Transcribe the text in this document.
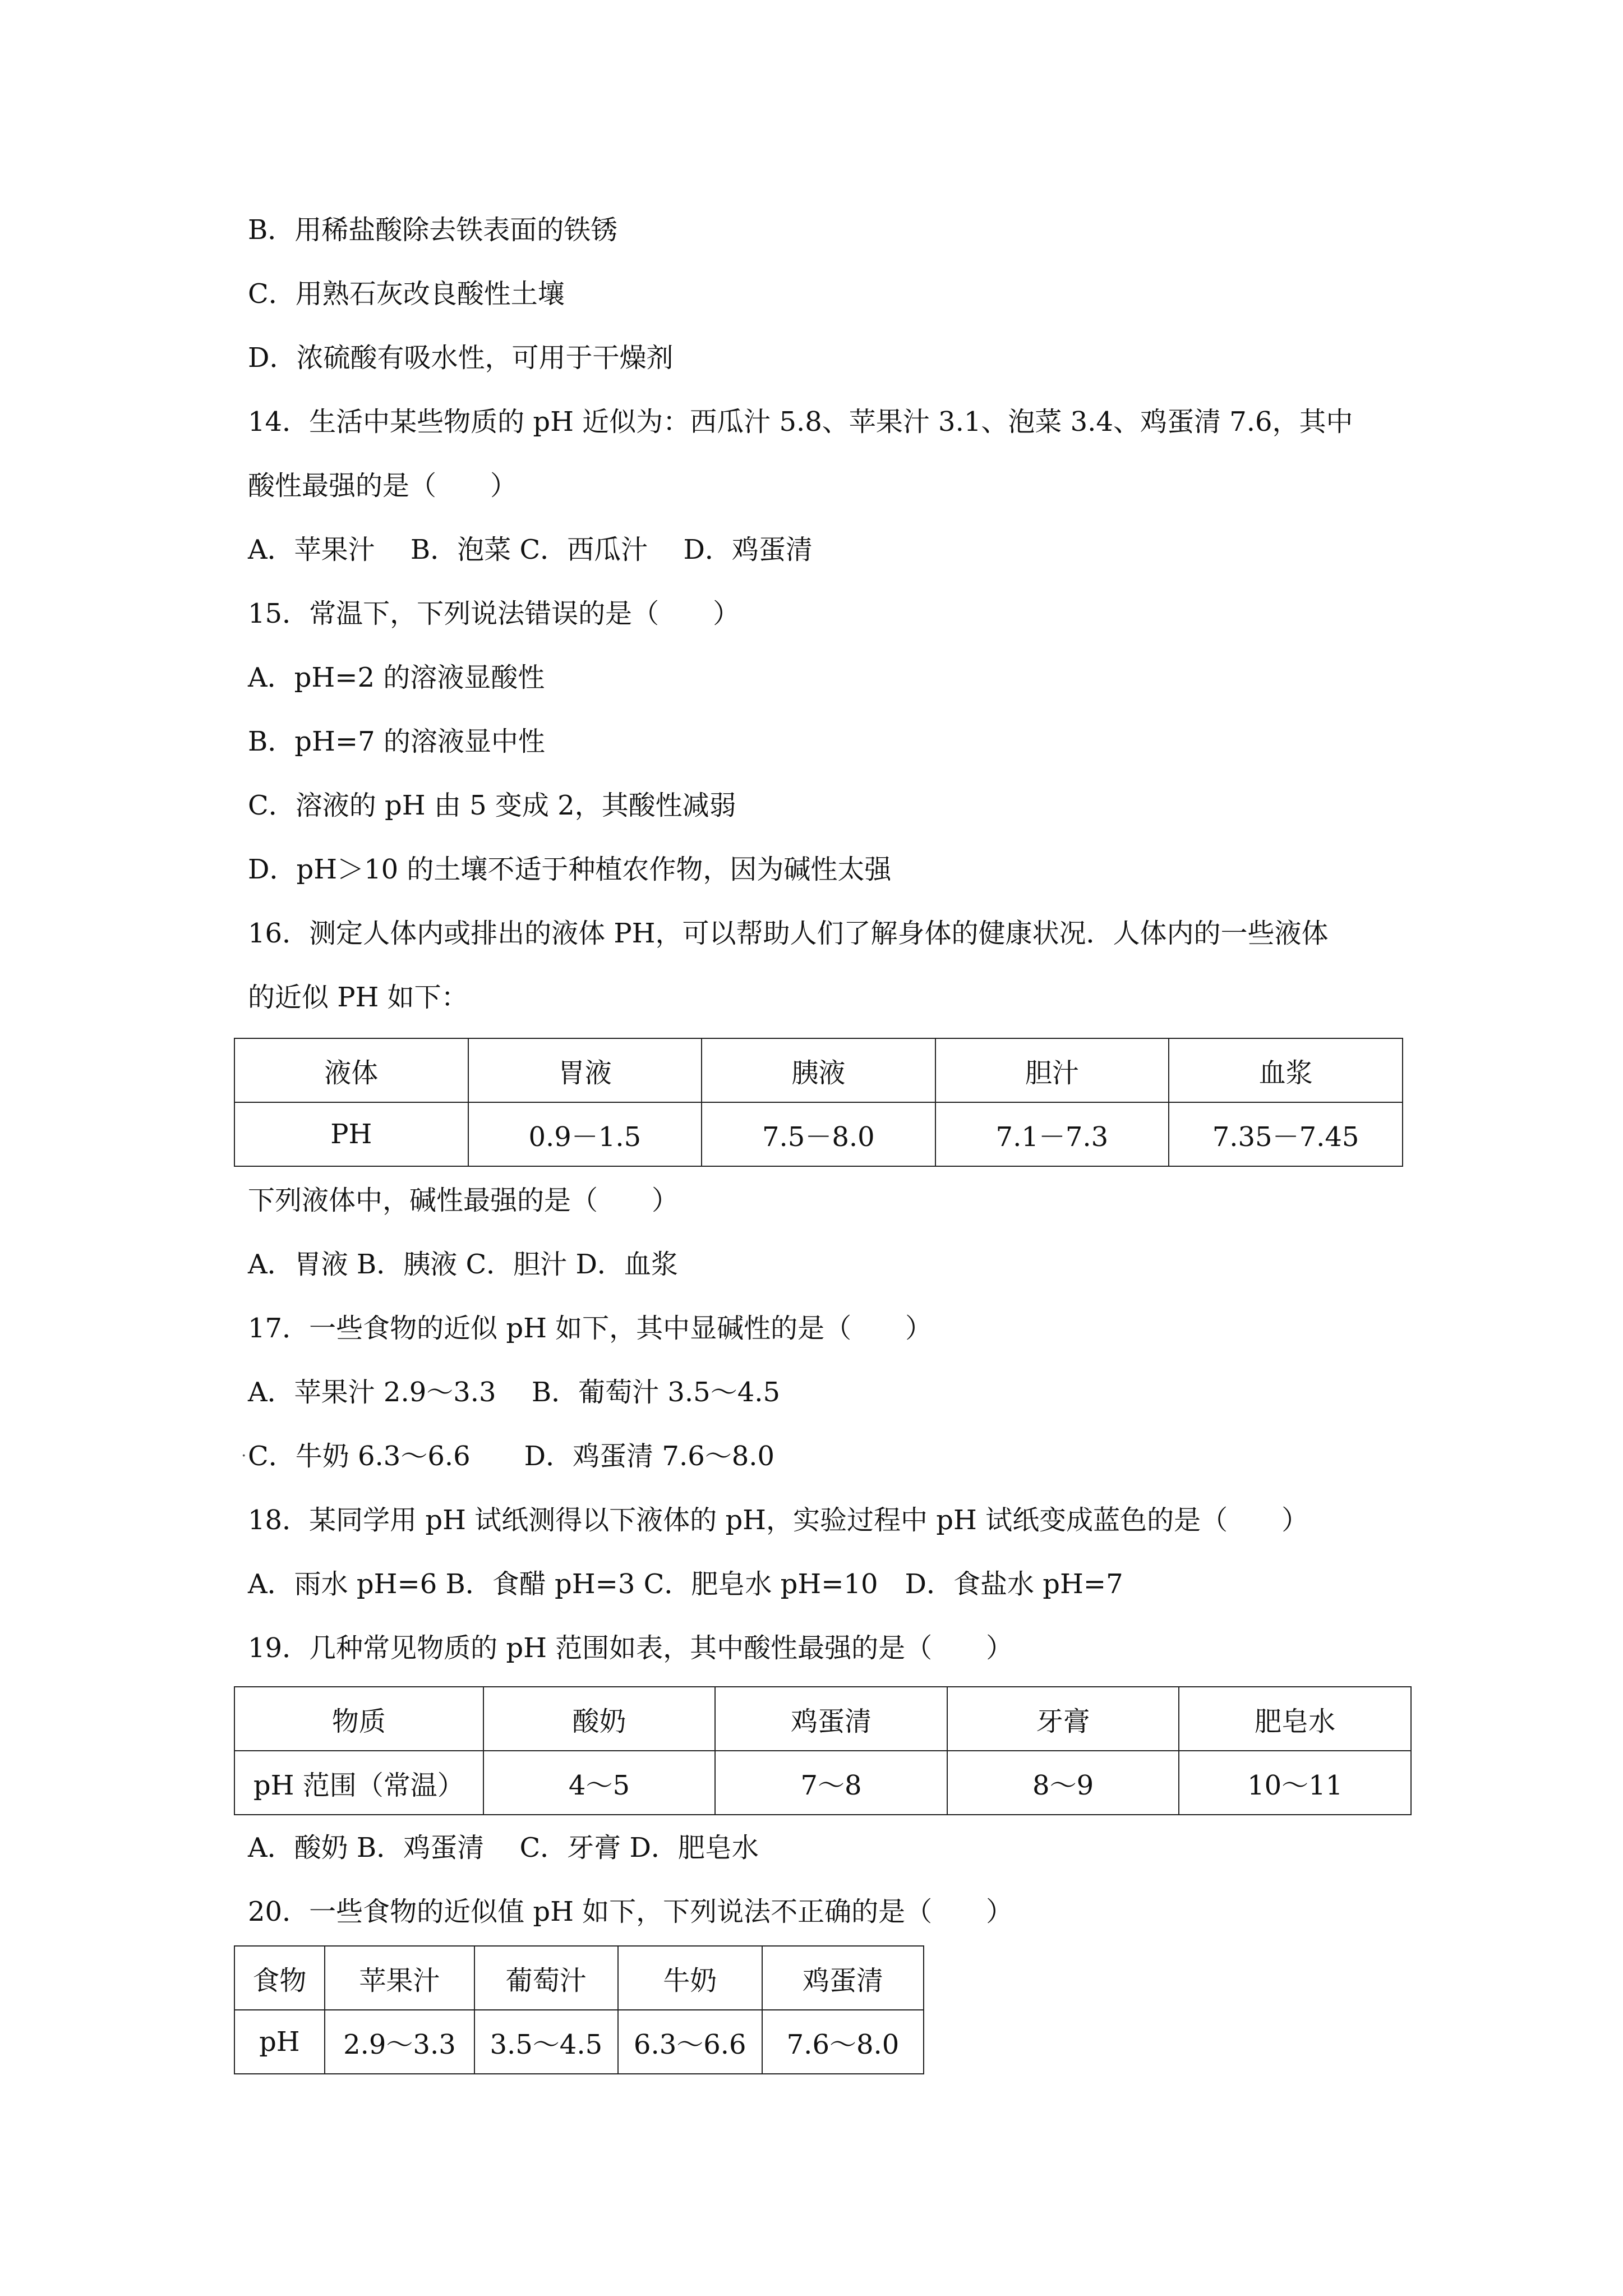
B．用稀盐酸除去铁表面的铁锈
C．用熟石灰改良酸性土壤
D．浓硫酸有吸水性，可用于干燥剂
14．生活中某些物质的 pH 近似为：西瓜汁 5.8、苹果汁 3.1、泡菜 3.4、鸡蛋清 7.6，其中
酸性最强的是（　　）
A．苹果汁　 B．泡菜 C．西瓜汁　 D．鸡蛋清
15．常温下，下列说法错误的是（　　）
A．pH=2 的溶液显酸性
B．pH=7 的溶液显中性
C．溶液的 pH 由 5 变成 2，其酸性减弱
D．pH＞10 的土壤不适于种植农作物，因为碱性太强
16．测定人体内或排出的液体 PH，可以帮助人们了解身体的健康状况．人体内的一些液体
的近似 PH 如下：
液体	胃液	胰液	胆汁	血浆
PH	0.9－1.5	7.5－8.0	7.1－7.3	7.35－7.45
下列液体中，碱性最强的是（　　）
A．胃液 B．胰液 C．胆汁 D．血浆
17．一些食物的近似 pH 如下，其中显碱性的是（　　）
A．苹果汁 2.9～3.3　 B．葡萄汁 3.5～4.5
· C．牛奶 6.3～6.6　　D．鸡蛋清 7.6～8.0
18．某同学用 pH 试纸测得以下液体的 pH，实验过程中 pH 试纸变成蓝色的是（　　）
A．雨水 pH=6 B．食醋 pH=3 C．肥皂水 pH=10　D．食盐水 pH=7
19．几种常见物质的 pH 范围如表，其中酸性最强的是（　　）
物质	酸奶	鸡蛋清	牙膏	肥皂水
pH 范围（常温）	4～5	7～8	8～9	10～11
A．酸奶 B．鸡蛋清　 C．牙膏 D．肥皂水
20．一些食物的近似值 pH 如下，下列说法不正确的是（　　）
食物	苹果汁	葡萄汁	牛奶	鸡蛋清
pH	2.9～3.3	3.5～4.5	6.3～6.6	7.6～8.0
